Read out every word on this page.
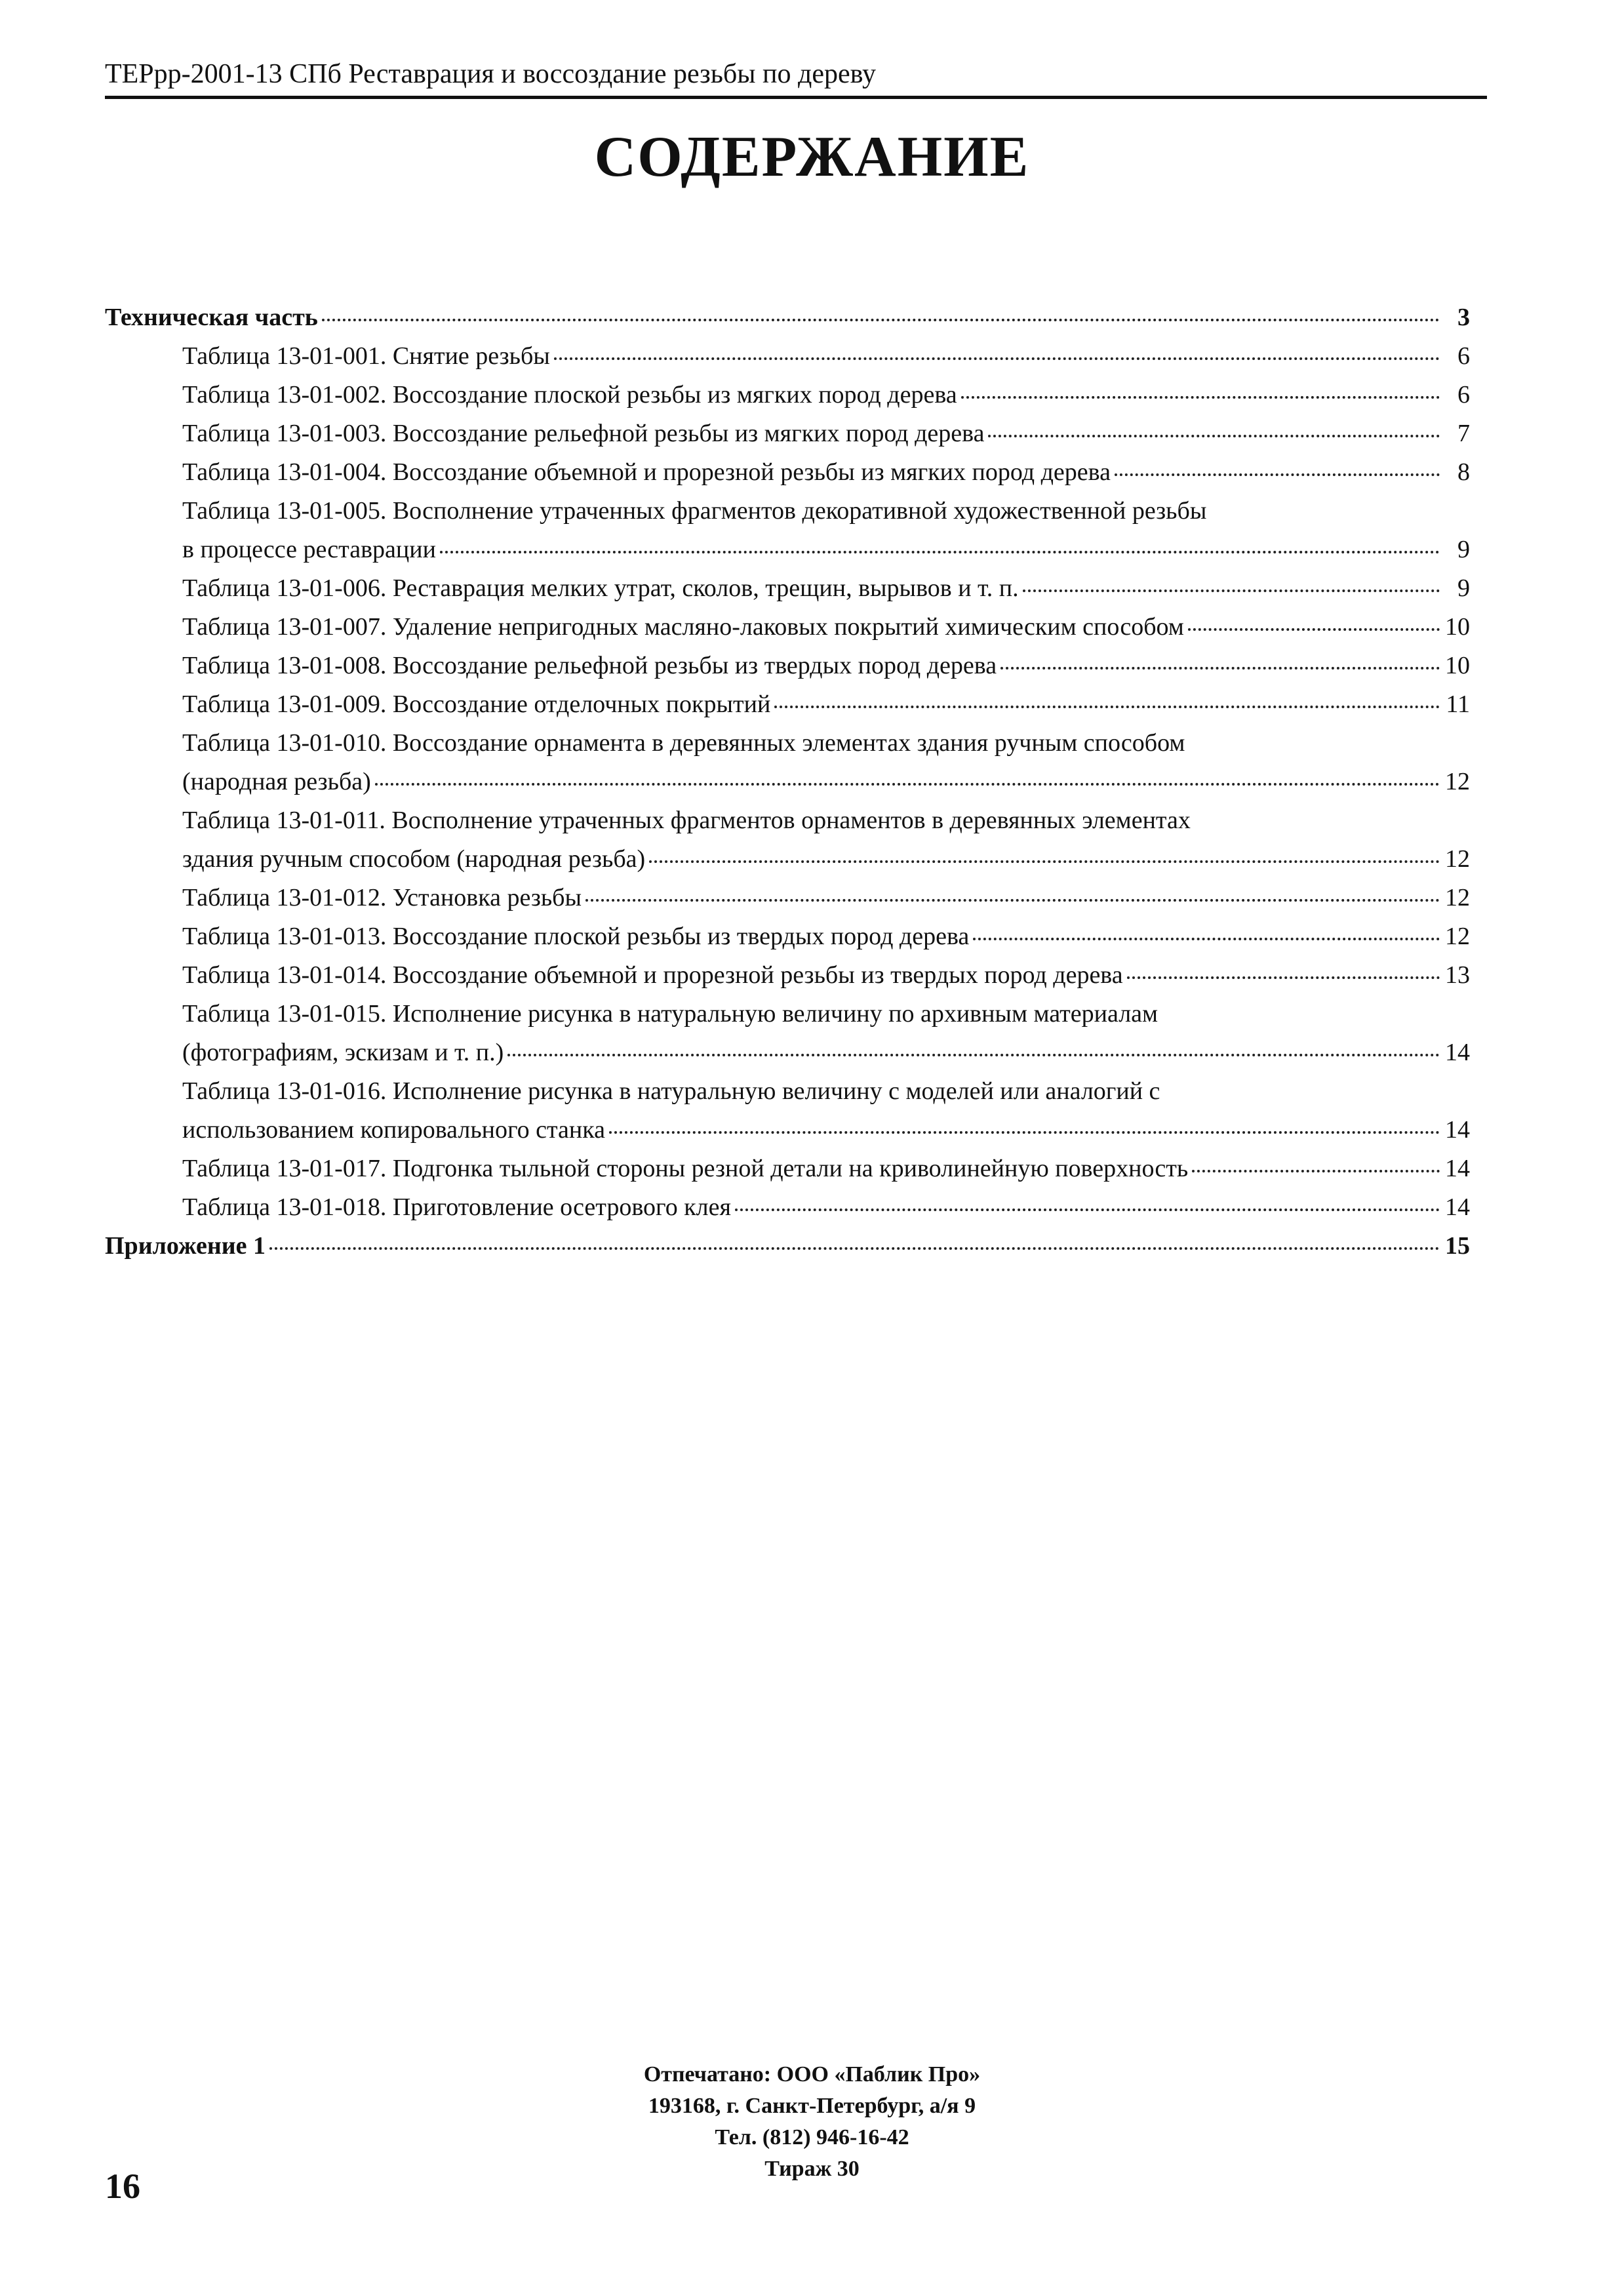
ТЕРрр-2001-13 СПб Реставрация и воссоздание резьбы по дереву
СОДЕРЖАНИЕ
Техническая часть	3
Таблица 13-01-001. Снятие резьбы	6
Таблица 13-01-002. Воссоздание плоской резьбы из мягких пород дерева	6
Таблица 13-01-003. Воссоздание рельефной резьбы из мягких пород дерева	7
Таблица 13-01-004. Воссоздание объемной и прорезной резьбы из мягких пород дерева	8
Таблица 13-01-005. Восполнение утраченных фрагментов декоративной художественной резьбы
в процессе реставрации	9
Таблица 13-01-006. Реставрация мелких утрат, сколов, трещин, вырывов и т. п.	9
Таблица 13-01-007. Удаление непригодных масляно-лаковых покрытий химическим способом	10
Таблица 13-01-008. Воссоздание рельефной резьбы из твердых пород дерева	10
Таблица 13-01-009. Воссоздание отделочных покрытий	11
Таблица 13-01-010. Воссоздание орнамента в деревянных элементах здания ручным способом
(народная резьба)	12
Таблица 13-01-011. Восполнение утраченных фрагментов орнаментов в деревянных элементах
здания ручным способом (народная резьба)	12
Таблица 13-01-012. Установка резьбы	12
Таблица 13-01-013. Воссоздание плоской резьбы из твердых пород дерева	12
Таблица 13-01-014. Воссоздание объемной и прорезной резьбы из твердых пород дерева	13
Таблица 13-01-015. Исполнение рисунка в натуральную величину по архивным материалам
(фотографиям, эскизам и т. п.)	14
Таблица 13-01-016. Исполнение рисунка в натуральную величину с моделей или аналогий с
использованием копировального станка	14
Таблица 13-01-017. Подгонка тыльной стороны резной детали на криволинейную поверхность	14
Таблица 13-01-018. Приготовление осетрового клея	14
Приложение 1	15
Отпечатано: ООО «Паблик Про»
193168, г. Санкт-Петербург, а/я 9
Тел. (812) 946-16-42
Тираж 30
16
